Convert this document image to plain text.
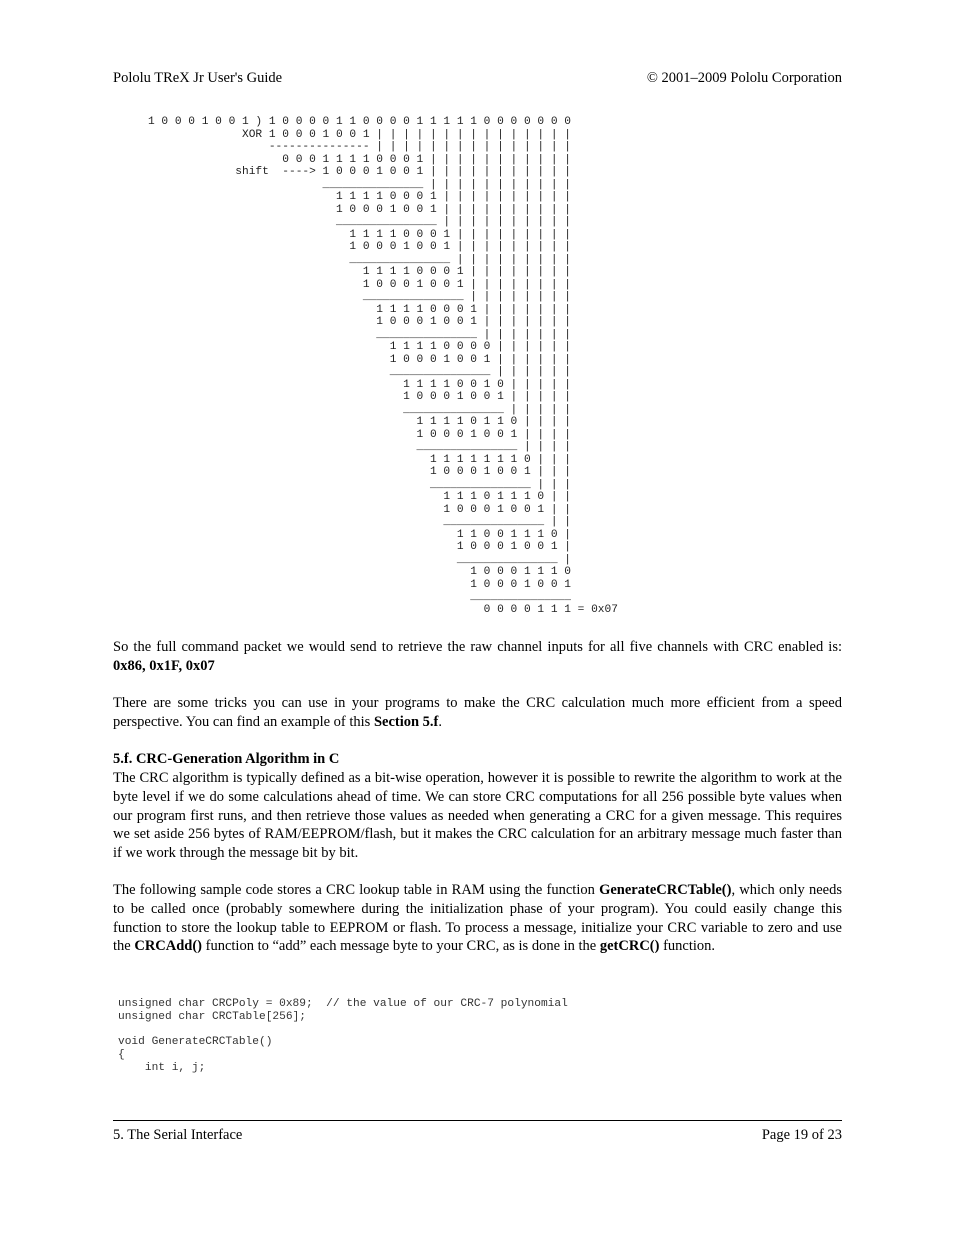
Pololu TReX Jr User's Guide	© 2001–2009 Pololu Corporation
1 0 0 0 1 0 0 1 ) 1 0 0 0 0 1 1 0 0 0 0 1 1 1 1 1 0 0 0 0 0 0 0
XOR 1 0 0 0 1 0 0 1 | | | | | | | | | | | | | | |
--------------- | | | | | | | | | | | | | | |
0 0 0 1 1 1 1 0 0 0 1 | | | | | | | | | | |
shift  ----> 1 0 0 0 1 0 0 1 | | | | | | | | | | |
_______________ | | | | | | | | | | |
1 1 1 1 0 0 0 1 | | | | | | | | | |
1 0 0 0 1 0 0 1 | | | | | | | | | |
_______________ | | | | | | | | | |
1 1 1 1 0 0 0 1 | | | | | | | | |
1 0 0 0 1 0 0 1 | | | | | | | | |
_______________ | | | | | | | | |
1 1 1 1 0 0 0 1 | | | | | | | |
1 0 0 0 1 0 0 1 | | | | | | | |
_______________ | | | | | | | |
1 1 1 1 0 0 0 1 | | | | | | |
1 0 0 0 1 0 0 1 | | | | | | |
_______________ | | | | | | |
1 1 1 1 0 0 0 0 | | | | | |
1 0 0 0 1 0 0 1 | | | | | |
_______________ | | | | | |
1 1 1 1 0 0 1 0 | | | | |
1 0 0 0 1 0 0 1 | | | | |
_______________ | | | | |
1 1 1 1 0 1 1 0 | | | |
1 0 0 0 1 0 0 1 | | | |
_______________ | | | |
1 1 1 1 1 1 1 0 | | |
1 0 0 0 1 0 0 1 | | |
_______________ | | |
1 1 1 0 1 1 1 0 | |
1 0 0 0 1 0 0 1 | |
_______________ | |
1 1 0 0 1 1 1 0 |
1 0 0 0 1 0 0 1 |
_______________ |
1 0 0 0 1 1 1 0
1 0 0 0 1 0 0 1
_______________
0 0 0 0 1 1 1 = 0x07

So the full command packet we would send to retrieve the raw channel inputs for all five channels with CRC enabled is: 0x86, 0x1F, 0x07

There are some tricks you can use in your programs to make the CRC calculation much more efficient from a speed perspective. You can find an example of this Section 5.f.

5.f. CRC-Generation Algorithm in C

The CRC algorithm is typically defined as a bit-wise operation, however it is possible to rewrite the algorithm to work at the byte level if we do some calculations ahead of time. We can store CRC computations for all 256 possible byte values when our program first runs, and then retrieve those values as needed when generating a CRC for a given message. This requires we set aside 256 bytes of RAM/EEPROM/flash, but it makes the CRC calculation for an arbitrary message much faster than if we work through the message bit by bit.

The following sample code stores a CRC lookup table in RAM using the function GenerateCRCTable(), which only needs to be called once (probably somewhere during the initialization phase of your program). You could easily change this function to store the lookup table to EEPROM or flash. To process a message, initialize your CRC variable to zero and use the CRCAdd() function to “add” each message byte to your CRC, as is done in the getCRC() function.

unsigned char CRCPoly = 0x89;  // the value of our CRC-7 polynomial
unsigned char CRCTable[256];

void GenerateCRCTable()
{
int i, j;
5. The Serial Interface	Page 19 of 23
